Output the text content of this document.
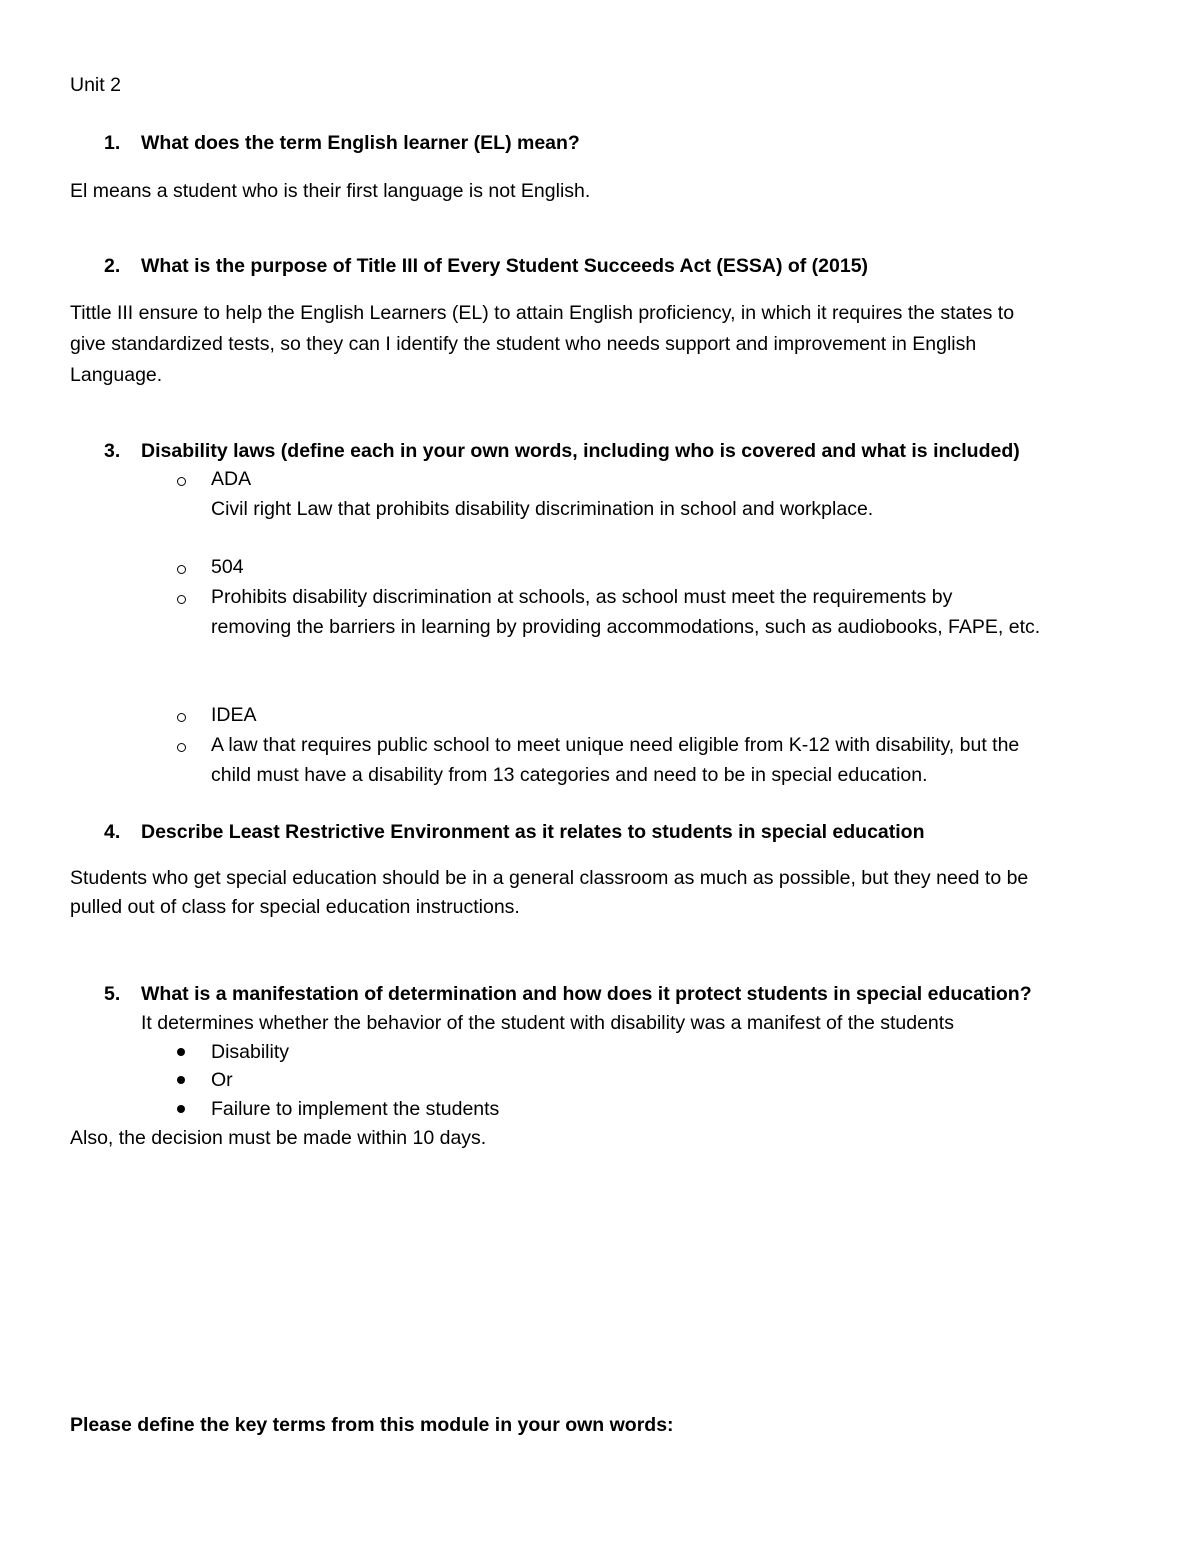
Unit 2
1. What does the term English learner (EL) mean?
El means a student who is their first language is not English.
2. What is the purpose of Title III of Every Student Succeeds Act (ESSA) of (2015)
Tittle III ensure to help the English Learners (EL) to attain English proficiency, in which it requires the states to
give standardized tests, so they can I identify the student who needs support and improvement in English
Language.
3. Disability laws (define each in your own words, including who is covered and what is included)
ADA
Civil right Law that prohibits disability discrimination in school and workplace.
504
Prohibits disability discrimination at schools, as school must meet the requirements by
removing the barriers in learning by providing accommodations, such as audiobooks, FAPE, etc.
IDEA
A law that requires public school to meet unique need eligible from K-12 with disability, but the
child must have a disability from 13 categories and need to be in special education.
4. Describe Least Restrictive Environment as it relates to students in special education
Students who get special education should be in a general classroom as much as possible, but they need to be
pulled out of class for special education instructions.
5. What is a manifestation of determination and how does it protect students in special education?
It determines whether the behavior of the student with disability was a manifest of the students
Disability
Or
Failure to implement the students
Also, the decision must be made within 10 days.
Please define the key terms from this module in your own words:
